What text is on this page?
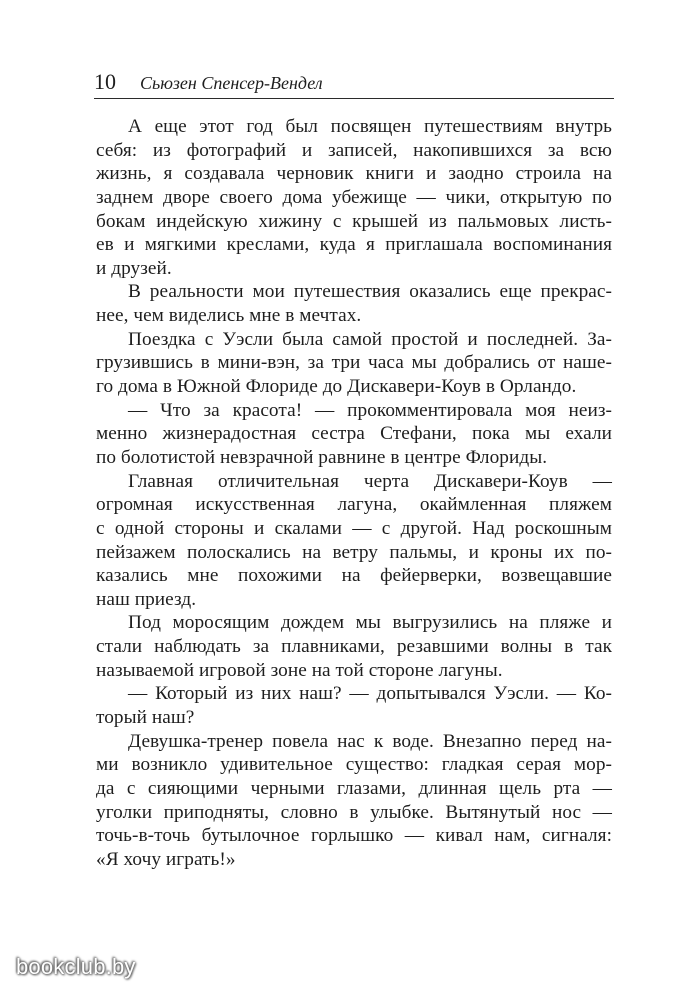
10 Сьюзен Спенсер-Вендел
А еще этот год был посвящен путешествиям внутрь
себя: из фотографий и записей, накопившихся за всю
жизнь, я создавала черновик книги и заодно строила на
заднем дворе своего дома убежище — чики, открытую по
бокам индейскую хижину с крышей из пальмовых листь-
ев и мягкими креслами, куда я приглашала воспоминания
и друзей.
В реальности мои путешествия оказались еще прекрас-
нее, чем виделись мне в мечтах.
Поездка с Уэсли была самой простой и последней. За-
грузившись в мини-вэн, за три часа мы добрались от наше-
го дома в Южной Флориде до Дискавери-Коув в Орландо.
— Что за красота! — прокомментировала моя неиз-
менно жизнерадостная сестра Стефани, пока мы ехали
по болотистой невзрачной равнине в центре Флориды.
Главная отличительная черта Дискавери-Коув —
огромная искусственная лагуна, окаймленная пляжем
с одной стороны и скалами — с другой. Над роскошным
пейзажем полоскались на ветру пальмы, и кроны их по-
казались мне похожими на фейерверки, возвещавшие
наш приезд.
Под моросящим дождем мы выгрузились на пляже и
стали наблюдать за плавниками, резавшими волны в так
называемой игровой зоне на той стороне лагуны.
— Который из них наш? — допытывался Уэсли. — Ко-
торый наш?
Девушка-тренер повела нас к воде. Внезапно перед на-
ми возникло удивительное существо: гладкая серая мор-
да с сияющими черными глазами, длинная щель рта —
уголки приподняты, словно в улыбке. Вытянутый нос —
точь-в-точь бутылочное горлышко — кивал нам, сигналя:
«Я хочу играть!»
bookclub.by
